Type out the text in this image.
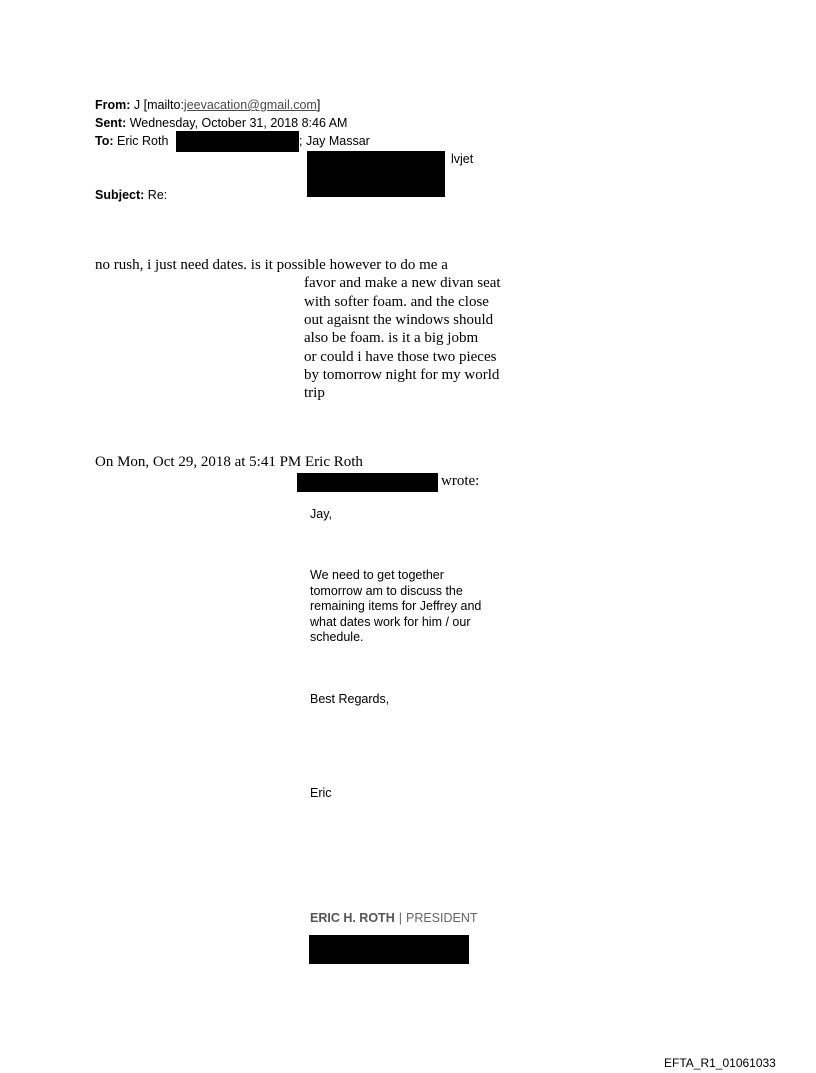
From: J [mailto:jeevacation@gmail.com]
Sent: Wednesday, October 31, 2018 8:46 AM
To: Eric Roth	; Jay Massar
lvjet
Subject: Re:
no rush, i just need dates. is it possible however to do me a
favor and make a new divan seat
with softer foam. and the close
out agaisnt the windows should
also be foam. is it a big jobm
or could i have those two pieces
by tomorrow night for my world
trip
On Mon, Oct 29, 2018 at 5:41 PM Eric Roth
wrote:
Jay,
We need to get together
tomorrow am to discuss the
remaining items for Jeffrey and
what dates work for him / our
schedule.
Best Regards,
Eric
ERIC H. ROTH | PRESIDENT
EFTA_R1_01061033
